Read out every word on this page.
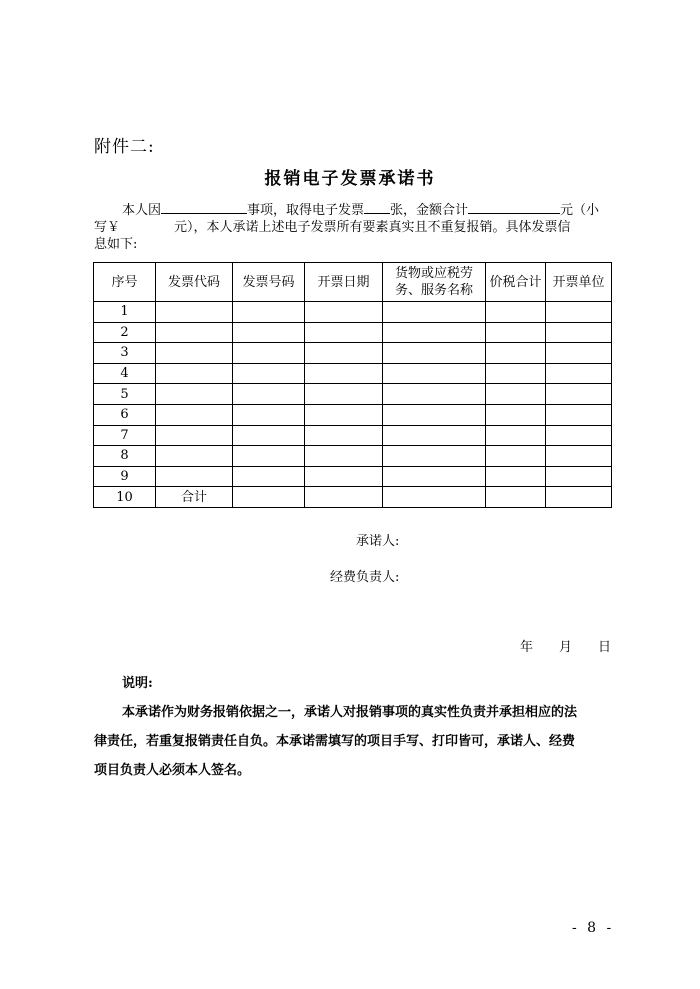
附件二:
报销电子发票承诺书
本人因	事项，取得电子发票 张，金额合计	元（小
写￥	元），本人承诺上述电子发票所有要素真实且不重复报销。具体发票信
息如下:
序号	发票代码	发票号码	开票日期	货物或应税劳务、服务名称	价税合计	开票单位
1						
2						
3						
4						
5						
6						
7						
8						
9						
10	合计					
承诺人:
经费负责人:
年 月 日
说明:
本承诺作为财务报销依据之一，承诺人对报销事项的真实性负责并承担相应的法
律责任，若重复报销责任自负。本承诺需填写的项目手写、打印皆可，承诺人、经费
项目负责人必须本人签名。
- 8 -
